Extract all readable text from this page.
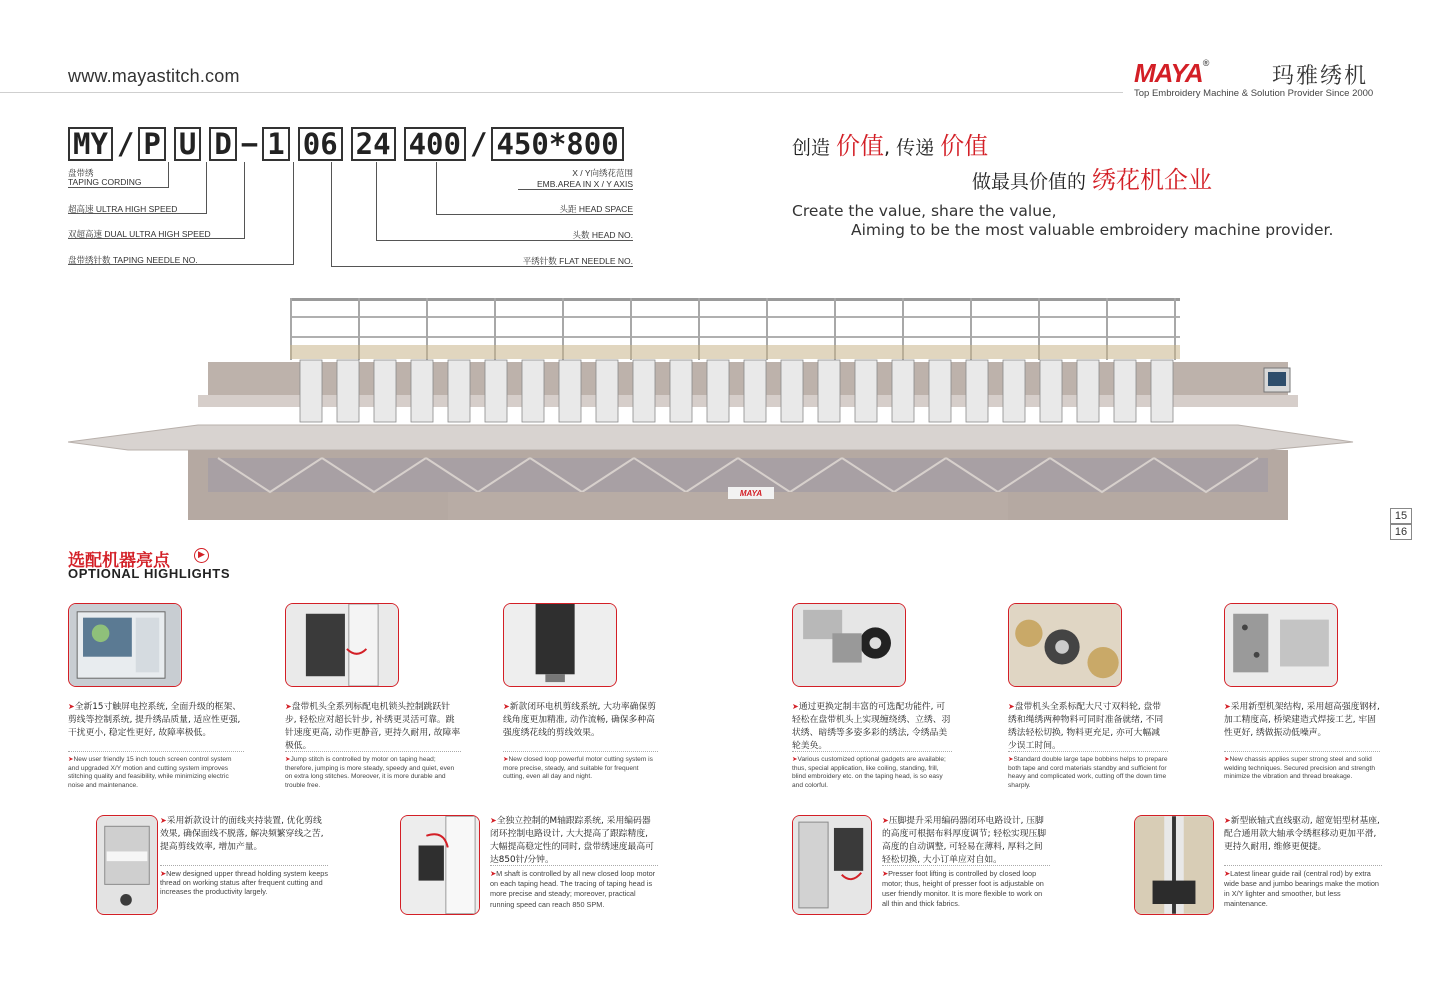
www.mayastitch.com	MAYA®
玛雅绣机
Top Embroidery Machine & Solution Provider Since 2000
MY / P U D − 1 06 24 400 / 450*800
盘带绣
TAPING CORDING
超高速 ULTRA HIGH SPEED
双超高速 DUAL ULTRA HIGH SPEED
盘带绣针数 TAPING NEEDLE NO.
X / Y向绣花范围
EMB.AREA IN X / Y AXIS
头距 HEAD SPACE
头数 HEAD NO.
平绣针数 FLAT NEEDLE NO.
创造 价值, 传递 价值
做最具价值的 绣花机企业
Create the value, share the value,
Aiming to be the most valuable embroidery machine provider.
MAYA
15
16
选配机器亮点	▶
OPTIONAL HIGHLIGHTS
➤全新15寸触屏电控系统, 全面升级的框架、剪线等控制系统, 提升绣品质量, 适应性更强, 干扰更小, 稳定性更好, 故障率极低。
➤New user friendly 15 inch touch screen control system and upgraded X/Y motion and cutting system improves stitching quality and feasibility, while minimizing electric noise and maintenance.
➤盘带机头全系列标配电机锁头控制跳跃针步, 轻松应对超长针步, 补绣更灵活可靠。跳针速度更高, 动作更静音, 更持久耐用, 故障率极低。
➤Jump stitch is controlled by motor on taping head; therefore, jumping is more steady, speedy and quiet, even on extra long stitches. Moreover, it is more durable and trouble free.
➤新款闭环电机剪线系统, 大功率确保剪线角度更加精准, 动作流畅, 确保多种高强度绣花线的剪线效果。
➤New closed loop powerful motor cutting system is more precise, steady, and suitable for frequent cutting, even all day and night.
➤通过更换定制丰富的可选配功能件, 可轻松在盘带机头上实现缠绕绣、立绣、羽状绣、暗绣等多姿多彩的绣法, 令绣品美轮美奂。
➤Various customized optional gadgets are available; thus, special application, like coiling, standing, frill, blind embroidery etc. on the taping head, is so easy and colorful.
➤盘带机头全系标配大尺寸双料轮, 盘带绣和绳绣两种物料可同时准备就绪, 不同绣法轻松切换, 物料更充足, 亦可大幅减少误工时间。
➤Standard double large tape bobbins helps to prepare both tape and cord materials standby and sufficient for heavy and complicated work, cutting off the down time sharply.
➤采用新型机架结构, 采用超高强度钢材, 加工精度高, 桥梁建造式焊接工艺, 牢固性更好, 绣做振动低噪声。
➤New chassis applies super strong steel and solid welding techniques. Secured precision and strength minimize the vibration and thread breakage.
➤采用新款设计的面线夹持装置, 优化剪线效果, 确保面线不脱落, 解决频繁穿线之苦, 提高剪线效率, 增加产量。
➤New designed upper thread holding system keeps thread on working status after frequent cutting and increases the productivity largely.
➤全独立控制的M轴跟踪系统, 采用编码器闭环控制电路设计, 大大提高了跟踪精度, 大幅提高稳定性的同时, 盘带绣速度最高可达850针/分钟。
➤M shaft is controlled by all new closed loop motor on each taping head. The tracing of taping head is more precise and steady; moreover, practical running speed can reach 850 SPM.
➤压脚提升采用编码器闭环电路设计, 压脚的高度可根据布料厚度调节; 轻松实现压脚高度的自动调整, 可轻易在薄料, 厚料之间轻松切换, 大小订单应对自如。
➤Presser foot lifting is controlled by closed loop motor; thus, height of presser foot is adjustable on user friendly monitor. It is more flexible to work on all thin and thick fabrics.
➤新型嵌轴式直线驱动, 超宽铝型材基座, 配合通用款大轴承令绣框移动更加平滑, 更持久耐用, 维修更便捷。
➤Latest linear guide rail (central rod) by extra wide base and jumbo bearings make the motion in X/Y lighter and smoother, but less maintenance.
